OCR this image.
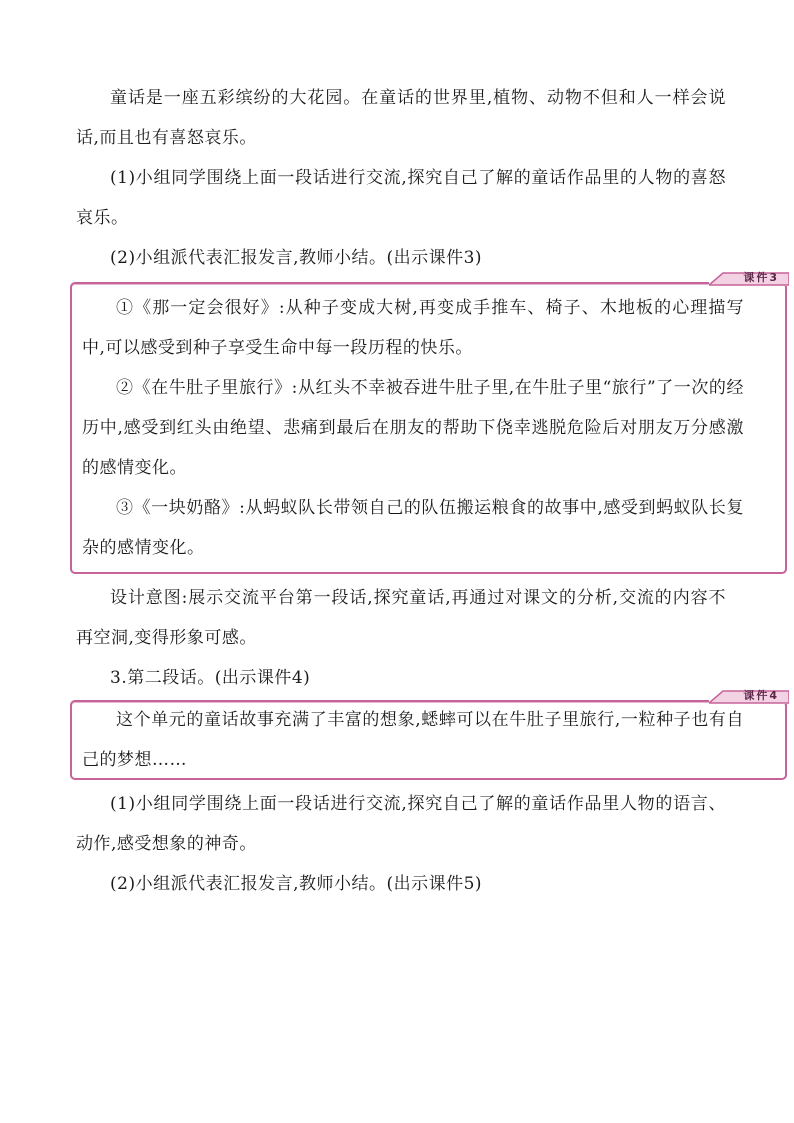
童话是一座五彩缤纷的大花园。在童话的世界里,植物、动物不但和人一样会说话,而且也有喜怒哀乐。

(1)小组同学围绕上面一段话进行交流,探究自己了解的童话作品里的人物的喜怒哀乐。

(2)小组派代表汇报发言,教师小结。(出示课件3)

课件3

①《那一定会很好》:从种子变成大树,再变成手推车、椅子、木地板的心理描写中,可以感受到种子享受生命中每一段历程的快乐。

②《在牛肚子里旅行》:从红头不幸被吞进牛肚子里,在牛肚子里“旅行”了一次的经历中,感受到红头由绝望、悲痛到最后在朋友的帮助下侥幸逃脱危险后对朋友万分感激的感情变化。

③《一块奶酪》:从蚂蚁队长带领自己的队伍搬运粮食的故事中,感受到蚂蚁队长复杂的感情变化。

设计意图:展示交流平台第一段话,探究童话,再通过对课文的分析,交流的内容不再空洞,变得形象可感。

3.第二段话。(出示课件4)

课件4

这个单元的童话故事充满了丰富的想象,蟋蟀可以在牛肚子里旅行,一粒种子也有自己的梦想……

(1)小组同学围绕上面一段话进行交流,探究自己了解的童话作品里人物的语言、动作,感受想象的神奇。

(2)小组派代表汇报发言,教师小结。(出示课件5)
